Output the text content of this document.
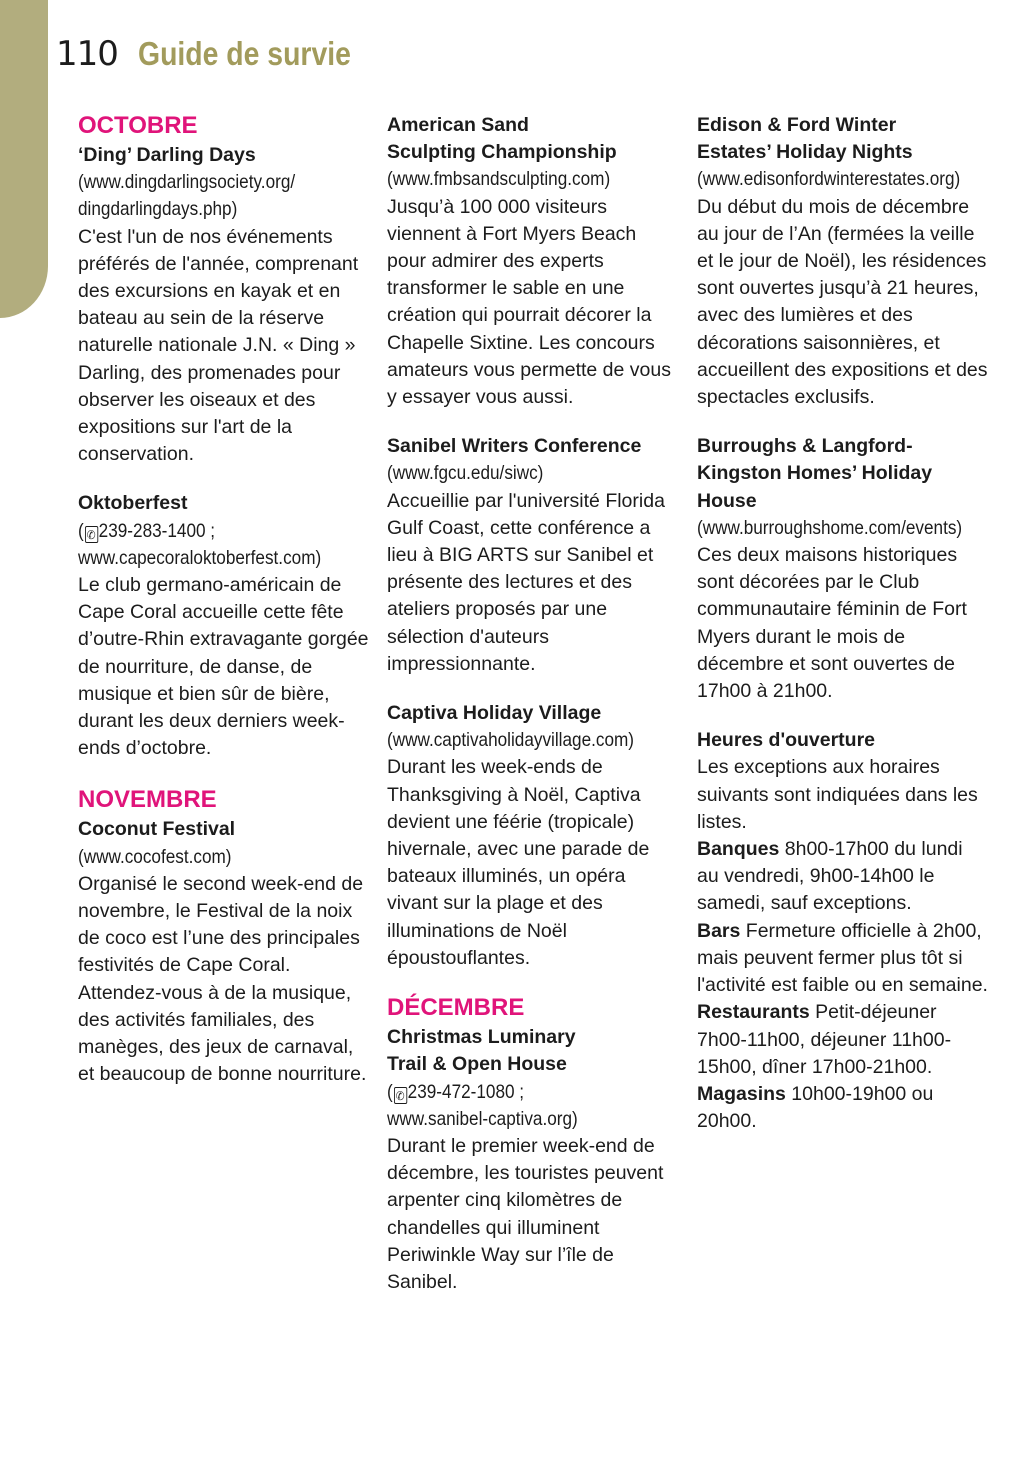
110 Guide de survie
OCTOBRE
‘Ding’ Darling Days
(www.dingdarlingsociety.org/
dingdarlingdays.php)
C'est l'un de nos événements préférés de l'année, comprenant des excursions en kayak et en bateau au sein de la réserve naturelle nationale J.N. « Ding » Darling, des promenades pour observer les oiseaux et des expositions sur l'art de la conservation.
Oktoberfest
( ✆ 239-283-1400 ;
www.capecoraloktoberfest.com)
Le club germano-américain de Cape Coral accueille cette fête d’outre-Rhin extravagante gorgée de nourriture, de danse, de musique et bien sûr de bière, durant les deux derniers week-ends d’octobre.
NOVEMBRE
Coconut Festival
(www.cocofest.com)
Organisé le second week-end de novembre, le Festival de la noix de coco est l’une des principales festivités de Cape Coral. Attendez-vous à de la musique, des activités familiales, des manèges, des jeux de carnaval, et beaucoup de bonne nourriture.
American Sand
Sculpting Championship
(www.fmbsandsculpting.com)
Jusqu’à 100 000 visiteurs viennent à Fort Myers Beach pour admirer des experts transformer le sable en une création qui pourrait décorer la Chapelle Sixtine. Les concours amateurs vous permette de vous y essayer vous aussi.
Sanibel Writers Conference
(www.fgcu.edu/siwc)
Accueillie par l'université Florida Gulf Coast, cette conférence a lieu à BIG ARTS sur Sanibel et présente des lectures et des ateliers proposés par une sélection d'auteurs impressionnante.
Captiva Holiday Village
(www.captivaholidayvillage.com)
Durant les week-ends de Thanksgiving à Noël, Captiva devient une féérie (tropicale) hivernale, avec une parade de bateaux illuminés, un opéra vivant sur la plage et des illuminations de Noël époustouflantes.
DÉCEMBRE
Christmas Luminary
Trail & Open House
( ✆ 239-472-1080 ;
www.sanibel-captiva.org)
Durant le premier week-end de décembre, les touristes peuvent arpenter cinq kilomètres de chandelles qui illuminent Periwinkle Way sur l’île de Sanibel.
Edison & Ford Winter
Estates’ Holiday Nights
(www.edisonfordwinterestates.org)
Du début du mois de décembre au jour de l’An (fermées la veille et le jour de Noël), les résidences sont ouvertes jusqu’à 21 heures, avec des lumières et des décorations saisonnières, et accueillent des expositions et des spectacles exclusifs.
Burroughs & Langford-
Kingston Homes’ Holiday
House
(www.burroughshome.com/events)
Ces deux maisons historiques sont décorées par le Club communautaire féminin de Fort Myers durant le mois de décembre et sont ouvertes de 17h00 à 21h00.
Heures d'ouverture
Les exceptions aux horaires suivants sont indiquées dans les listes.
Banques 8h00-17h00 du lundi au vendredi, 9h00-14h00 le samedi, sauf exceptions.
Bars Fermeture officielle à 2h00, mais peuvent fermer plus tôt si l'activité est faible ou en semaine.
Restaurants Petit-déjeuner 7h00-11h00, déjeuner 11h00-15h00, dîner 17h00-21h00.
Magasins 10h00-19h00 ou 20h00.
